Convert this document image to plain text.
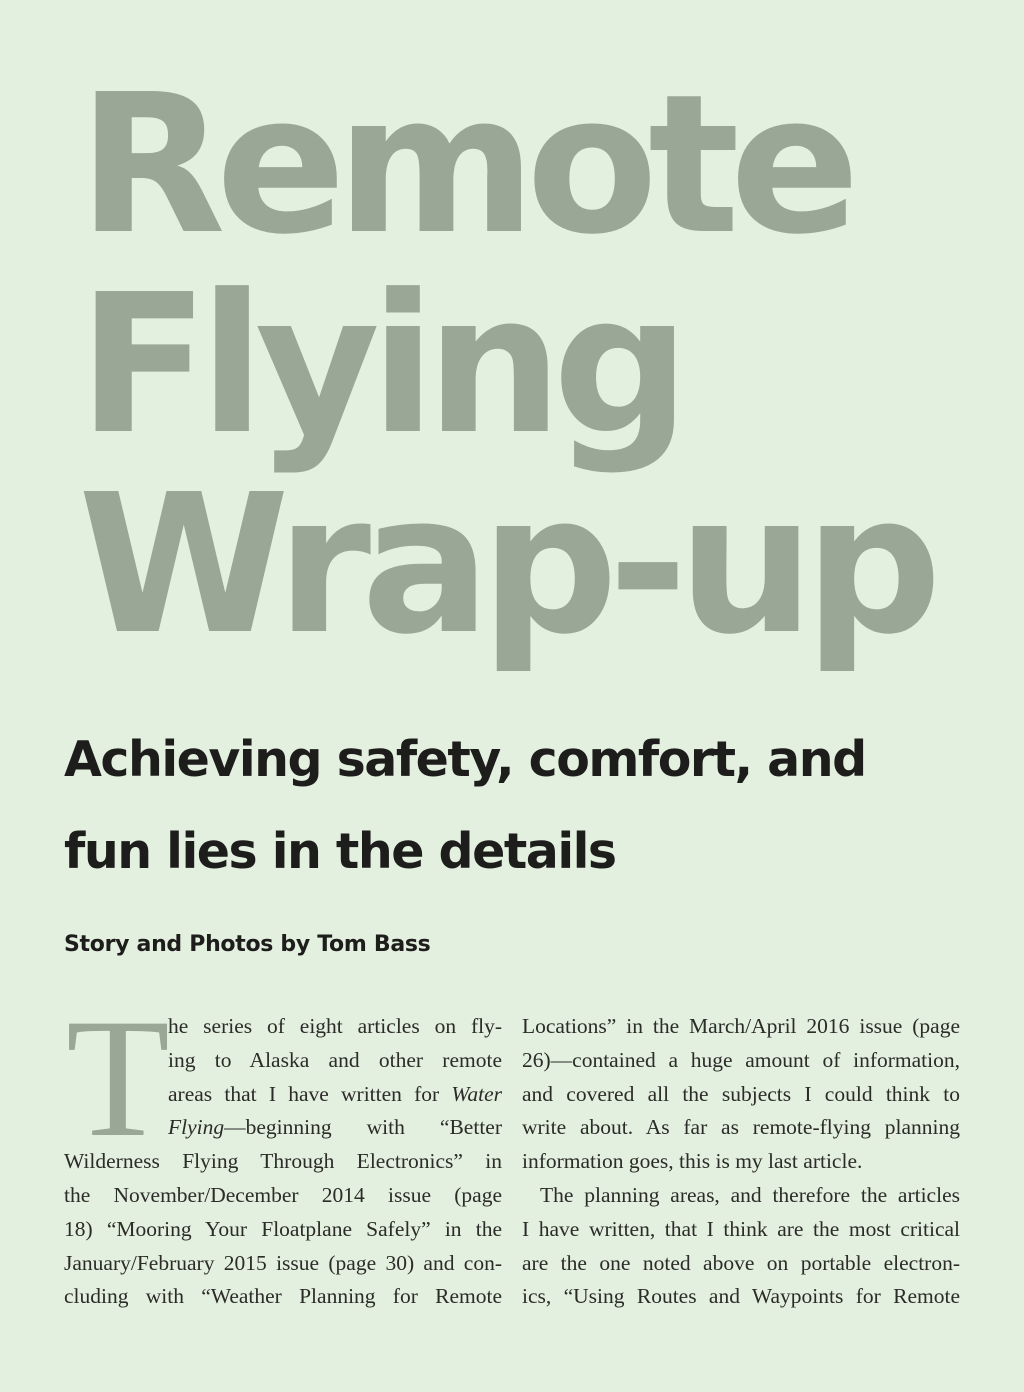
Remote
Flying
Wrap-up
Achieving safety, comfort, and
fun lies in the details

Story and Photos by Tom Bass

T
he series of eight articles on fly-
ing to Alaska and other remote
areas that I have written for Water
Flying—beginning with “Better
Wilderness Flying Through Electronics” in
the November/December 2014 issue (page
18) “Mooring Your Floatplane Safely” in the
January/February 2015 issue (page 30) and con-
cluding with “Weather Planning for Remote
Locations” in the March/April 2016 issue (page
26)—contained a huge amount of information,
and covered all the subjects I could think to
write about. As far as remote-flying planning
information goes, this is my last article.
The planning areas, and therefore the articles
I have written, that I think are the most critical
are the one noted above on portable electron-
ics, “Using Routes and Waypoints for Remote
